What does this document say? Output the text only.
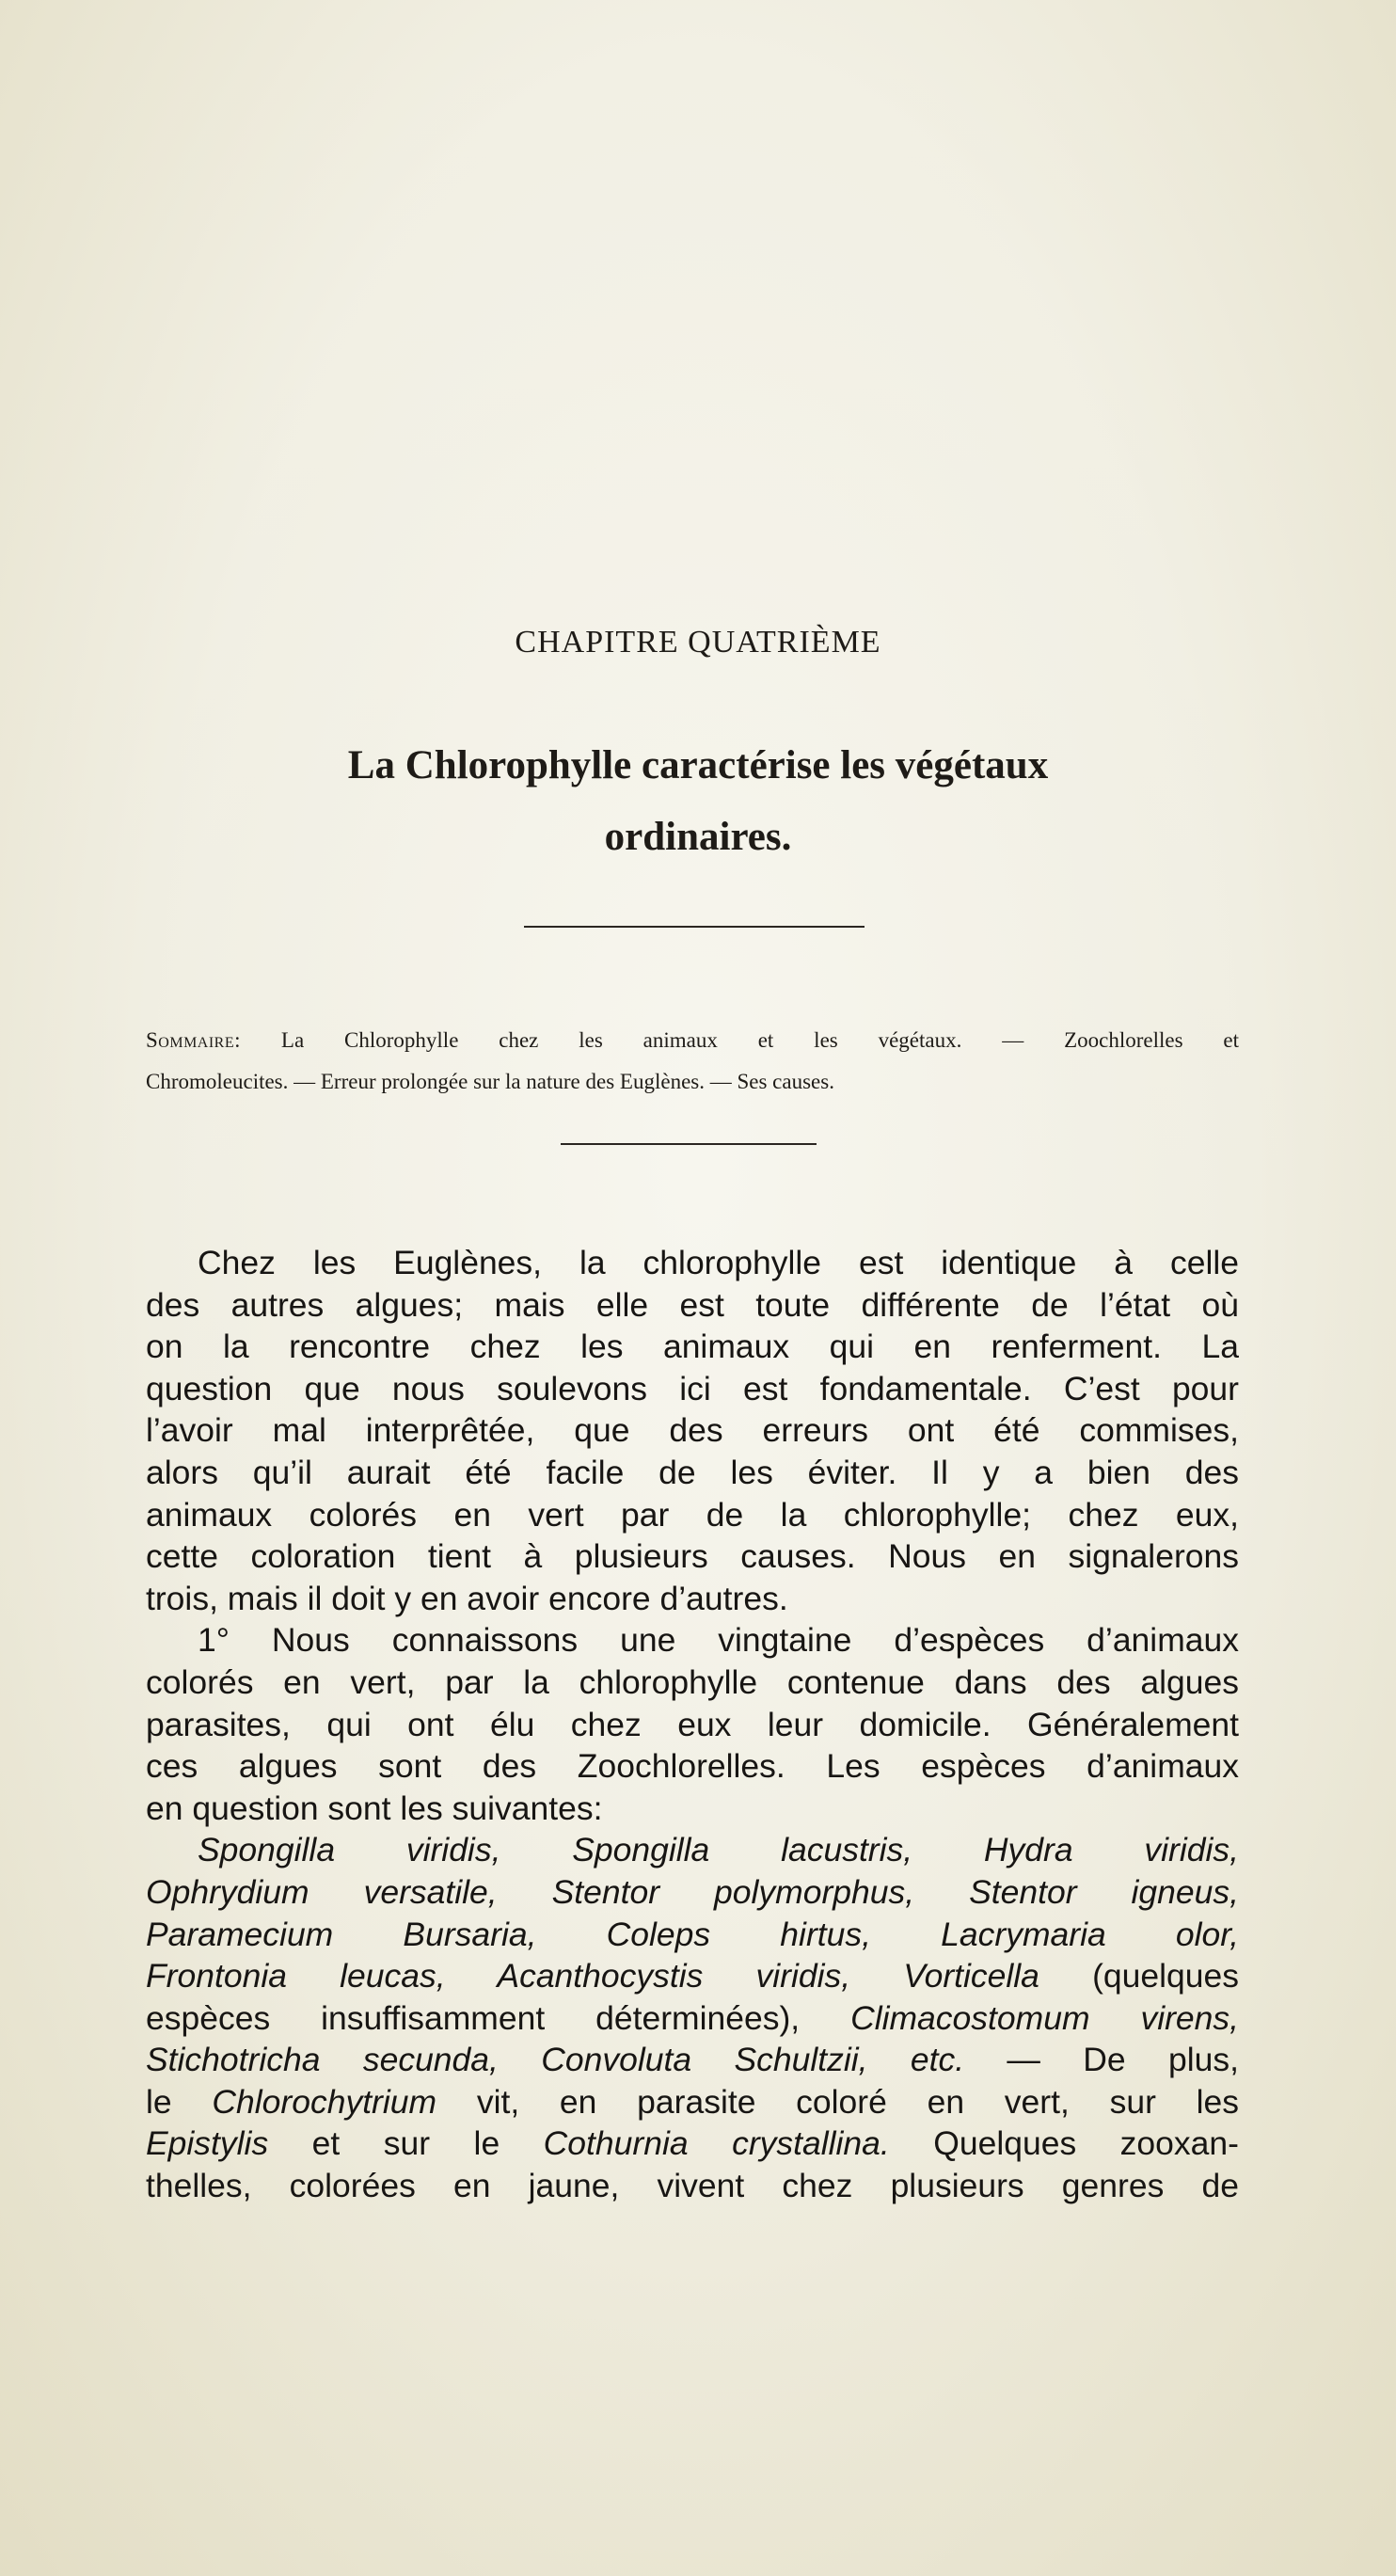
CHAPITRE QUATRIÈME
La Chlorophylle caractérise les végétaux
ordinaires.
Sommaire: La Chlorophylle chez les animaux et les végétaux. — Zoochlorelles et
Chromoleucites. — Erreur prolongée sur la nature des Euglènes. — Ses causes.

Chez les Euglènes, la chlorophylle est identique à celle

des autres algues; mais elle est toute différente de l’état où

on la rencontre chez les animaux qui en renferment. La

question que nous soulevons ici est fondamentale. C’est pour

l’avoir mal interprêtée, que des erreurs ont été commises,

alors qu’il aurait été facile de les éviter. Il y a bien des

animaux colorés en vert par de la chlorophylle; chez eux,

cette coloration tient à plusieurs causes. Nous en signalerons

trois, mais il doit y en avoir encore d’autres.

1° Nous connaissons une vingtaine d’espèces d’animaux

colorés en vert, par la chlorophylle contenue dans des algues

parasites, qui ont élu chez eux leur domicile. Généralement

ces algues sont des Zoochlorelles. Les espèces d’animaux

en question sont les suivantes:

Spongilla viridis, Spongilla lacustris, Hydra viridis,

Ophrydium versatile, Stentor polymorphus, Stentor igneus,

Paramecium Bursaria, Coleps hirtus, Lacrymaria olor,

Frontonia leucas, Acanthocystis viridis, Vorticella (quelques

espèces insuffisamment déterminées), Climacostomum virens,

Stichotricha secunda, Convoluta Schultzii, etc. — De plus,

le Chlorochytrium vit, en parasite coloré en vert, sur les

Epistylis et sur le Cothurnia crystallina. Quelques zooxan-

thelles, colorées en jaune, vivent chez plusieurs genres de
